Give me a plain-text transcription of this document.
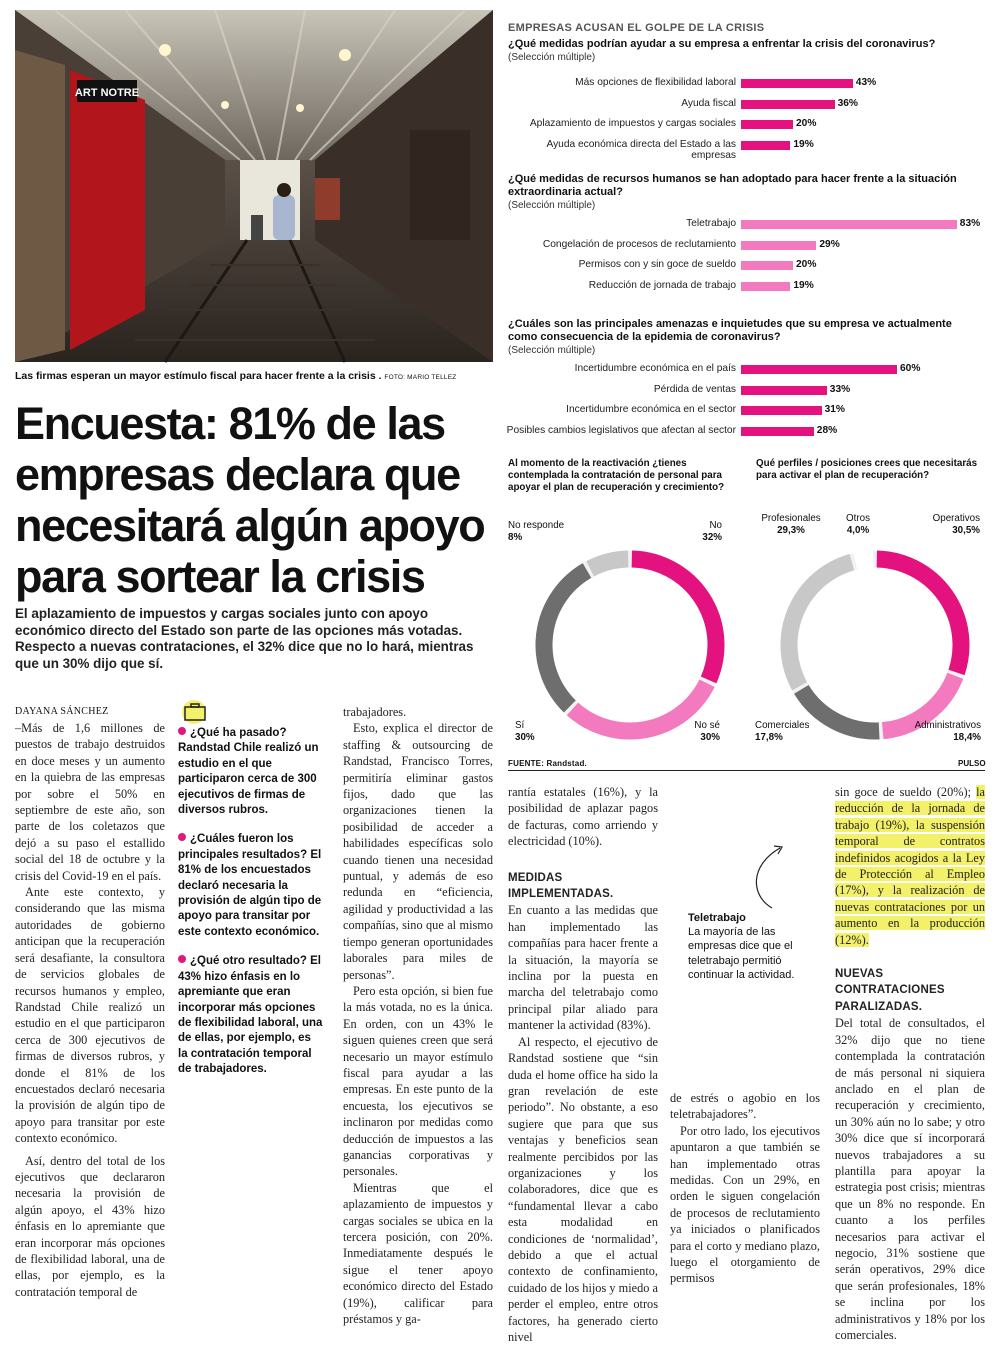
ART NOTRE
Las firmas esperan un mayor estímulo fiscal para hacer frente a la crisis . FOTO: MARIO TELLEZ
Encuesta: 81% de las empresas declara que necesitará algún apoyo para sortear la crisis
El aplazamiento de impuestos y cargas sociales junto con apoyo económico directo del Estado son parte de las opciones más votadas. Respecto a nuevas contrataciones, el 32% dice que no lo hará, mientras que un 30% dijo que sí.
DAYANA SÁNCHEZ

–Más de 1,6 millones de puestos de trabajo destruidos en doce meses y un aumento en la quiebra de las empresas por sobre el 50% en septiembre de este año, son parte de los coletazos que dejó a su paso el estallido social del 18 de octubre y la crisis del Covid-19 en el país.

Ante este contexto, y considerando que las misma autoridades de gobierno anticipan que la recuperación será desafiante, la consultora de servicios globales de recursos humanos y empleo, Randstad Chile realizó un estudio en el que participaron cerca de 300 ejecutivos de firmas de diversos rubros, y donde el 81% de los encuestados declaró necesaria la provisión de algún tipo de apoyo para transitar por este contexto económico.

Así, dentro del total de los ejecutivos que declararon necesaria la provisión de algún apoyo, el 43% hizo énfasis en lo apremiante que eran incorporar más opciones de flexibilidad laboral, una de ellas, por ejemplo, es la contratación temporal de

¿Qué ha pasado? Randstad Chile realizó un estudio en el que participaron cerca de 300 ejecutivos de firmas de diversos rubros.
¿Cuáles fueron los principales resultados? El 81% de los encuestados declaró necesaria la provisión de algún tipo de apoyo para transitar por este contexto económico.
¿Qué otro resultado? El 43% hizo énfasis en lo apremiante que eran incorporar más opciones de flexibilidad laboral, una de ellas, por ejemplo, es la contratación temporal de trabajadores.

trabajadores.

Esto, explica el director de staffing & outsourcing de Randstad, Francisco Torres, permitiría eliminar gastos fijos, dado que las organizaciones tienen la posibilidad de acceder a habilidades específicas solo cuando tienen una necesidad puntual, y además de eso redunda en “eficiencia, agilidad y productividad a las compañías, sino que al mismo tiempo generan oportunidades laborales para miles de personas”.

Pero esta opción, si bien fue la más votada, no es la única. En orden, con un 43% le siguen quienes creen que será necesario un mayor estímulo fiscal para ayudar a las empresas. En este punto de la encuesta, los ejecutivos se inclinaron por medidas como deducción de impuestos a las ganancias corporativas y personales.

Mientras que el aplazamiento de impuestos y cargas sociales se ubica en la tercera posición, con 20%. Inmediatamente después le sigue el tener apoyo económico directo del Estado (19%), calificar para préstamos y ga-

EMPRESAS ACUSAN EL GOLPE DE LA CRISIS
¿Qué medidas podrían ayudar a su empresa a enfrentar la crisis del coronavirus?
(Selección múltiple)
Más opciones de flexibilidad laboral	43%
Ayuda fiscal	36%
Aplazamiento de impuestos y cargas sociales	20%
Ayuda económica directa del Estado a las empresas
19%
¿Qué medidas de recursos humanos se han adoptado para hacer frente a la situación extraordinaria actual?
(Selección múltiple)
Teletrabajo	83%
Congelación de procesos de reclutamiento	29%
Permisos con y sin goce de sueldo	20%
Reducción de jornada de trabajo	19%
¿Cuáles son las principales amenazas e inquietudes que su empresa ve actualmente como consecuencia de la epidemia de coronavirus?
(Selección múltiple)
Incertidumbre económica en el país	60%
Pérdida de ventas	33%
Incertidumbre económica en el sector	31%
Posibles cambios legislativos que afectan al sector	28%
Al momento de la reactivación ¿tienes contemplada la contratación de personal para apoyar el plan de recuperación y crecimiento?
Qué perfiles / posiciones crees que necesitarás para activar el plan de recuperación?
No responde
8%
No
32%
Sí
30%
No sé
30%
Profesionales
29,3%
Otros
4,0%
Operativos
30,5%
Comerciales
17,8%
Administrativos
18,4%
FUENTE: Randstad.	PULSO

rantía estatales (16%), y la posibilidad de aplazar pagos de facturas, como arriendo y electricidad (10%).

MEDIDAS IMPLEMENTADAS.

En cuanto a las medidas que han implementado las compañías para hacer frente a la situación, la mayoría se inclina por la puesta en marcha del teletrabajo como principal pilar aliado para mantener la actividad (83%).

Al respecto, el ejecutivo de Randstad sostiene que “sin duda el home office ha sido la gran revelación de este periodo”. No obstante, a eso sugiere que para que sus ventajas y beneficios sean realmente percibidos por las organizaciones y los colaboradores, dice que es “fundamental llevar a cabo esta modalidad en condiciones de ‘normalidad’, debido a que el actual contexto de confinamiento, cuidado de los hijos y miedo a perder el empleo, entre otros factores, ha generado cierto nivel

Teletrabajo
La mayoría de las empresas dice que el teletrabajo permitió continuar la actividad.

de estrés o agobio en los teletrabajadores”.

Por otro lado, los ejecutivos apuntaron a que también se han implementado otras medidas. Con un 29%, en orden le siguen congelación de procesos de reclutamiento ya iniciados o planificados para el corto y mediano plazo, luego el otorgamiento de permisos

sin goce de sueldo (20%); la reducción de la jornada de trabajo (19%), la suspensión temporal de contratos indefinidos acogidos a la Ley de Protección al Empleo (17%), y la realización de nuevas contrataciones por un aumento en la producción (12%).

NUEVAS CONTRATACIONES PARALIZADAS.

Del total de consultados, el 32% dijo que no tiene contemplada la contratación de más personal ni siquiera anclado en el plan de recuperación y crecimiento, un 30% aún no lo sabe; y otro 30% dice que sí incorporará nuevos trabajadores a su plantilla para apoyar la estrategia post crisis; mientras que un 8% no responde. En cuanto a los perfiles necesarios para activar el negocio, 31% sostiene que serán operativos, 29% dice que serán profesionales, 18% se inclina por los administrativos y 18% por los comerciales.
